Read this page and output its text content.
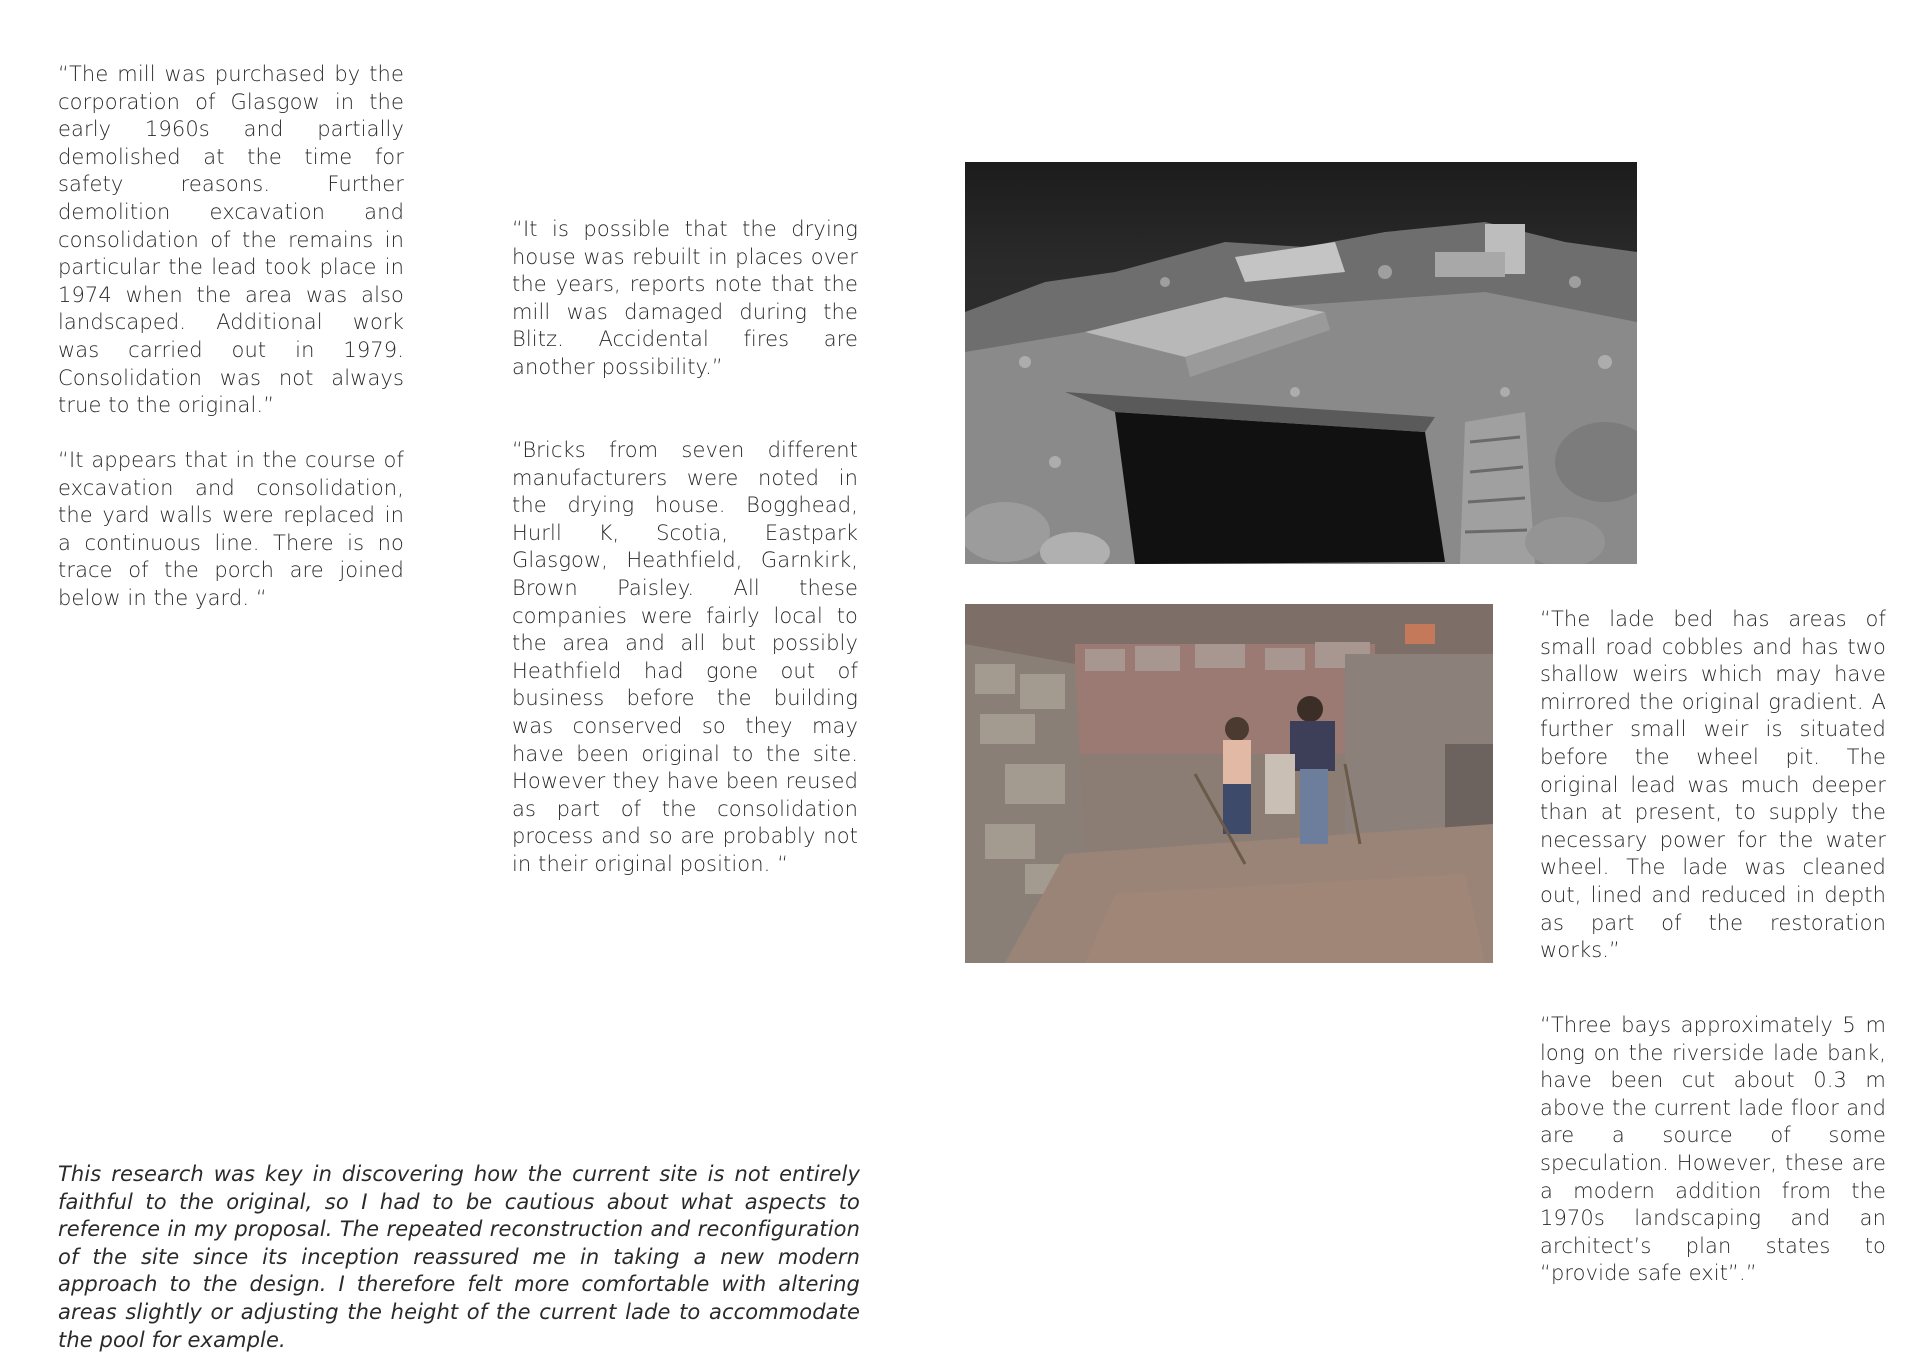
“The mill was purchased by the corporation of Glasgow in the early 1960s and partially demolished at the time for safety reasons. Further demolition excavation and consolidation of the remains in particular the lead took place in 1974 when the area was also landscaped. Additional work was carried out in 1979. Consolidation was not always true to the original.”

“It appears that in the course of excavation and consolidation, the yard walls were replaced in a continuous line. There is no trace of the porch are joined below in the yard. “

“It is possible that the drying house was rebuilt in places over the years, reports note that the mill was damaged during the Blitz. Accidental fires are another possibility.”

“Bricks from seven different manufacturers were noted in the drying house. Bogghead, Hurll K, Scotia, Eastpark Glasgow, Heathfield, Garnkirk, Brown Paisley. All these companies were fairly local to the area and all but possibly Heathfield had gone out of business before the building was conserved so they may have been original to the site. However they have been reused as part of the consolidation process and so are probably not in their original position. “

“The lade bed has areas of small road cobbles and has two shallow weirs which may have mirrored the original gradient. A further small weir is situated before the wheel pit. The original lead was much deeper than at present, to supply the necessary power for the water wheel. The lade was cleaned out, lined and reduced in depth as part of the restoration works.”

“Three bays approximately 5 m long on the riverside lade bank, have been cut about 0.3 m above the current lade floor and are a source of some speculation. However, these are a modern addition from the 1970s landscaping and an architect’s plan states to “provide safe exit”.”

This research was key in discovering how the current site is not entirely faithful to the original, so I had to be cautious about what aspects to reference in my proposal. The repeated reconstruction and reconfiguration of the site since its inception reassured me in taking a new modern approach to the design. I therefore felt more comfortable with altering areas slightly or adjusting the height of the current lade to accommodate the pool for example.
